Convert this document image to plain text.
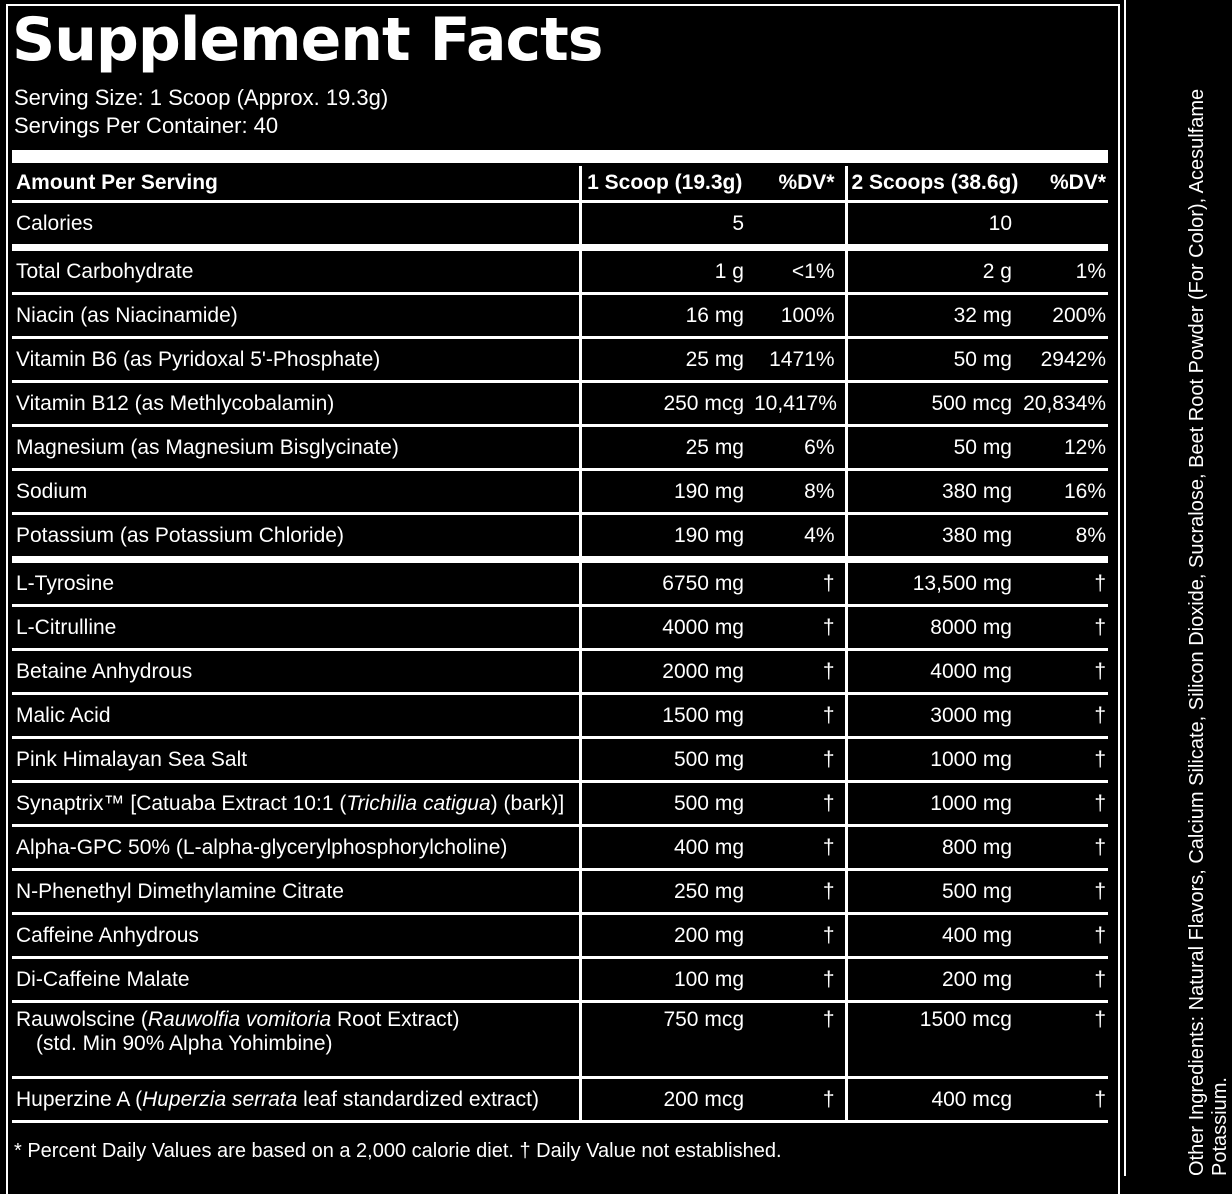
Supplement Facts
Serving Size: 1 Scoop (Approx. 19.3g)
Servings Per Container: 40
Amount Per Serving	1 Scoop (19.3g)	%DV*	2 Scoops (38.6g)	%DV*
Calories	5		10	
Total Carbohydrate	1 g	<1%	2 g	1%
Niacin (as Niacinamide)	16 mg	100%	32 mg	200%
Vitamin B6 (as Pyridoxal 5'-Phosphate)	25 mg	1471%	50 mg	2942%
Vitamin B12 (as Methlycobalamin)	250 mcg	10,417%	500 mcg	20,834%
Magnesium (as Magnesium Bisglycinate)	25 mg	6%	50 mg	12%
Sodium	190 mg	8%	380 mg	16%
Potassium (as Potassium Chloride)	190 mg	4%	380 mg	8%
L-Tyrosine	6750 mg	†	13,500 mg	†
L-Citrulline	4000 mg	†	8000 mg	†
Betaine Anhydrous	2000 mg	†	4000 mg	†
Malic Acid	1500 mg	†	3000 mg	†
Pink Himalayan Sea Salt	500 mg	†	1000 mg	†
Synaptrix™ [Catuaba Extract 10:1 (Trichilia catigua) (bark)]	500 mg	†	1000 mg	†
Alpha-GPC 50% (L-alpha-glycerylphosphorylcholine)	400 mg	†	800 mg	†
N-Phenethyl Dimethylamine Citrate	250 mg	†	500 mg	†
Caffeine Anhydrous	200 mg	†	400 mg	†
Di-Caffeine Malate	100 mg	†	200 mg	†
Rauwolscine (Rauwolfia vomitoria Root Extract)
(std. Min 90% Alpha Yohimbine)	750 mcg	†	1500 mcg	†
Huperzine A (Huperzia serrata leaf standardized extract)	200 mcg	†	400 mcg	†
* Percent Daily Values are based on a 2,000 calorie diet. † Daily Value not established.	Other Ingredients: Natural Flavors, Calcium Silicate, Silicon Dioxide, Sucralose, Beet Root Powder (For Color), Acesulfame Potassium.
